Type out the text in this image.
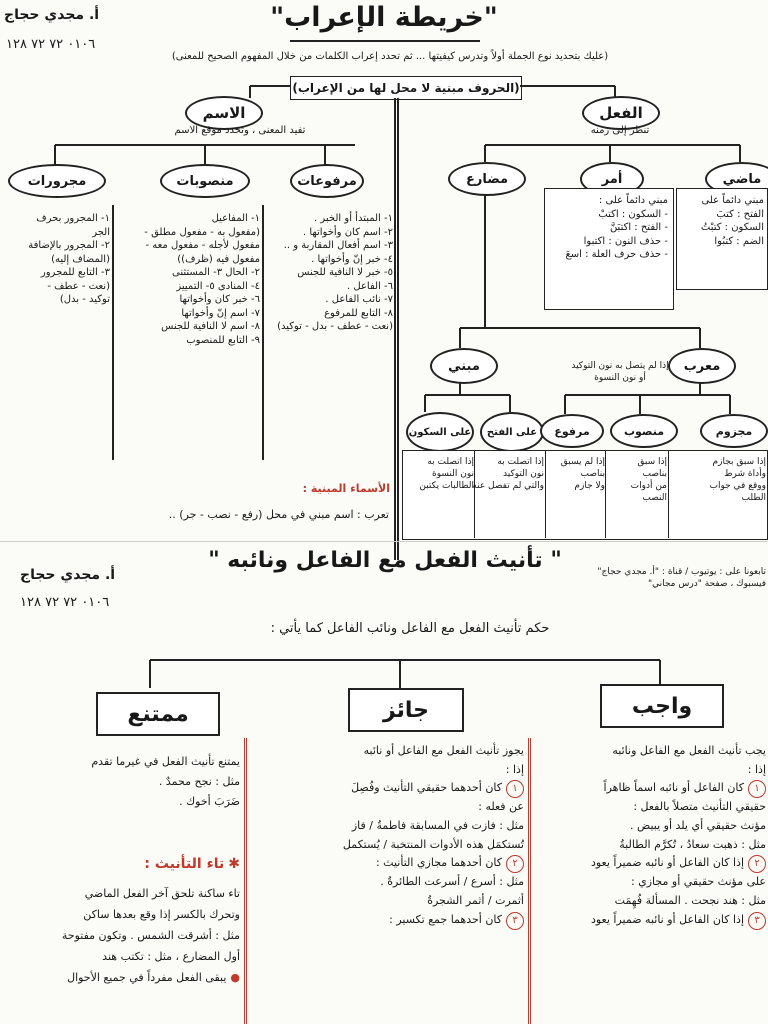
"خريطة الإعراب"
أ. مجدي حجاج
٠١٠٦ ٧٢ ٧٢ ١٢٨
(عليك بتحديد نوع الجملة أولاً وتدرس كيفيتها ... ثم تحدد إعراب الكلمات من خلال المفهوم الصحيح للمعنى)
(الحروف مبنية لا محل لها من الإعراب)
الاسم
تفيد المعنى ، وتحدد موقع الاسم
الفعل
تنظر إلى زمنه
مرفوعات
منصوبات
مجرورات
١- المبتدأ أو الخبر .
٢- اسم كان وأخواتها .
٣- اسم أفعال المقاربة و ..
٤- خبر إنّ وأخواتها .
٥- خبر لا النافية للجنس
٦- الفاعل .
٧- نائب الفاعل .
٨- التابع للمرفوع
(نعت - عطف - بدل - توكيد)
١- المفاعيل
(مفعول به - مفعول مطلق -
مفعول لأجله - مفعول معه -
مفعول فيه (ظرف))
٢- الحال ٣- المستثنى
٤- المنادى ٥- التمييز
٦- خبر كان وأخواتها
٧- اسم إنّ وأخواتها
٨- اسم لا النافية للجنس
٩- التابع للمنصوب
١- المجرور بحرف
الجر
٢- المجرور بالإضافة
(المضاف إليه)
٣- التابع للمجرور
(نعت - عطف -
توكيد - بدل)
الأسماء المبنية :
تعرب : اسم مبني في محل (رفع - نصب - جر) ..
مضارع	أمر	ماضي
مبني دائماً على :
- السكون : اكتبْ
- الفتح : اكتبَنَّ
- حذف النون : اكتبوا
- حذف حرف العلة : اسعَ
مبني دائماً على
الفتح : كتبَ
السكون : كتبْتُ
الضم : كتبُوا
مبني	معرب
إذا لم يتصل به نون التوكيد أو نون النسوة
على الفتح
على السكون	مرفوع	منصوب	مجزوم
إذا اتصلت به
نون النسوة
الطالبات يكتبن
إذا اتصلت به
نون التوكيد
والتي لم تفصل عنه
إذا لم يسبق
بناصب
ولا جازم
إذا سبق
بناصب
من أدوات
النصب
إذا سبق بجازم
وأداة شرط
ووقع في جواب
الطلب
" تأنيث الفعل مع الفاعل ونائبه "
أ. مجدي حجاج
٠١٠٦ ٧٢ ٧٢ ١٢٨
تابعونا على : يوتيوب / قناة : "أ. مجدي حجاج"
فيسبوك ، صفحة "درس مجاني"
حكم تأنيث الفعل مع الفاعل ونائب الفاعل كما يأتي :
واجب
جائز
ممتنع
يجب تأنيث الفعل مع الفاعل ونائبه
إذا :
١كان الفاعل أو نائبه اسماً ظاهراً
حقيقي التأنيث متصلاً بالفعل :
مؤنث حقيقي أي يلد أو يبيض .
مثل : ذهبت سعادُ ، تُكرَّم الطالبةُ
٢إذا كان الفاعل أو نائبه ضميراً يعود
على مؤنث حقيقي أو مجازي :
مثل : هند نجحت . المسألة فُهِمَت
٣إذا كان الفاعل أو نائبه ضميراً يعود
يجوز تأنيث الفعل مع الفاعل أو نائبه
إذا :
١كان أحدهما حقيقي التأنيث وفُصِلَ
عن فعله :
مثل : فازت في المسابقة فاطمةُ / فاز
تُستكمَل هذه الأدوات المنتخبة / يُستكمل
٢كان أحدهما مجازي التأنيث :
مثل : أسرع / أسرعت الطائرةُ .
أثمرت / أثمر الشجرةُ
٣كان أحدهما جمع تكسير :
يمتنع تأنيث الفعل في غيرما تقدم
مثل : نجح محمدٌ .
ضَرَبَ أخوك .
✱تاء التأنيث :
تاء ساكنة تلحق آخر الفعل الماضي
وتحرك بالكسر إذا وقع بعدها ساكن
مثل : أشرقت الشمس . وتكون مفتوحة
أول المضارع ، مثل : تكتب هند
●يبقى الفعل مفرداً في جميع الأحوال
